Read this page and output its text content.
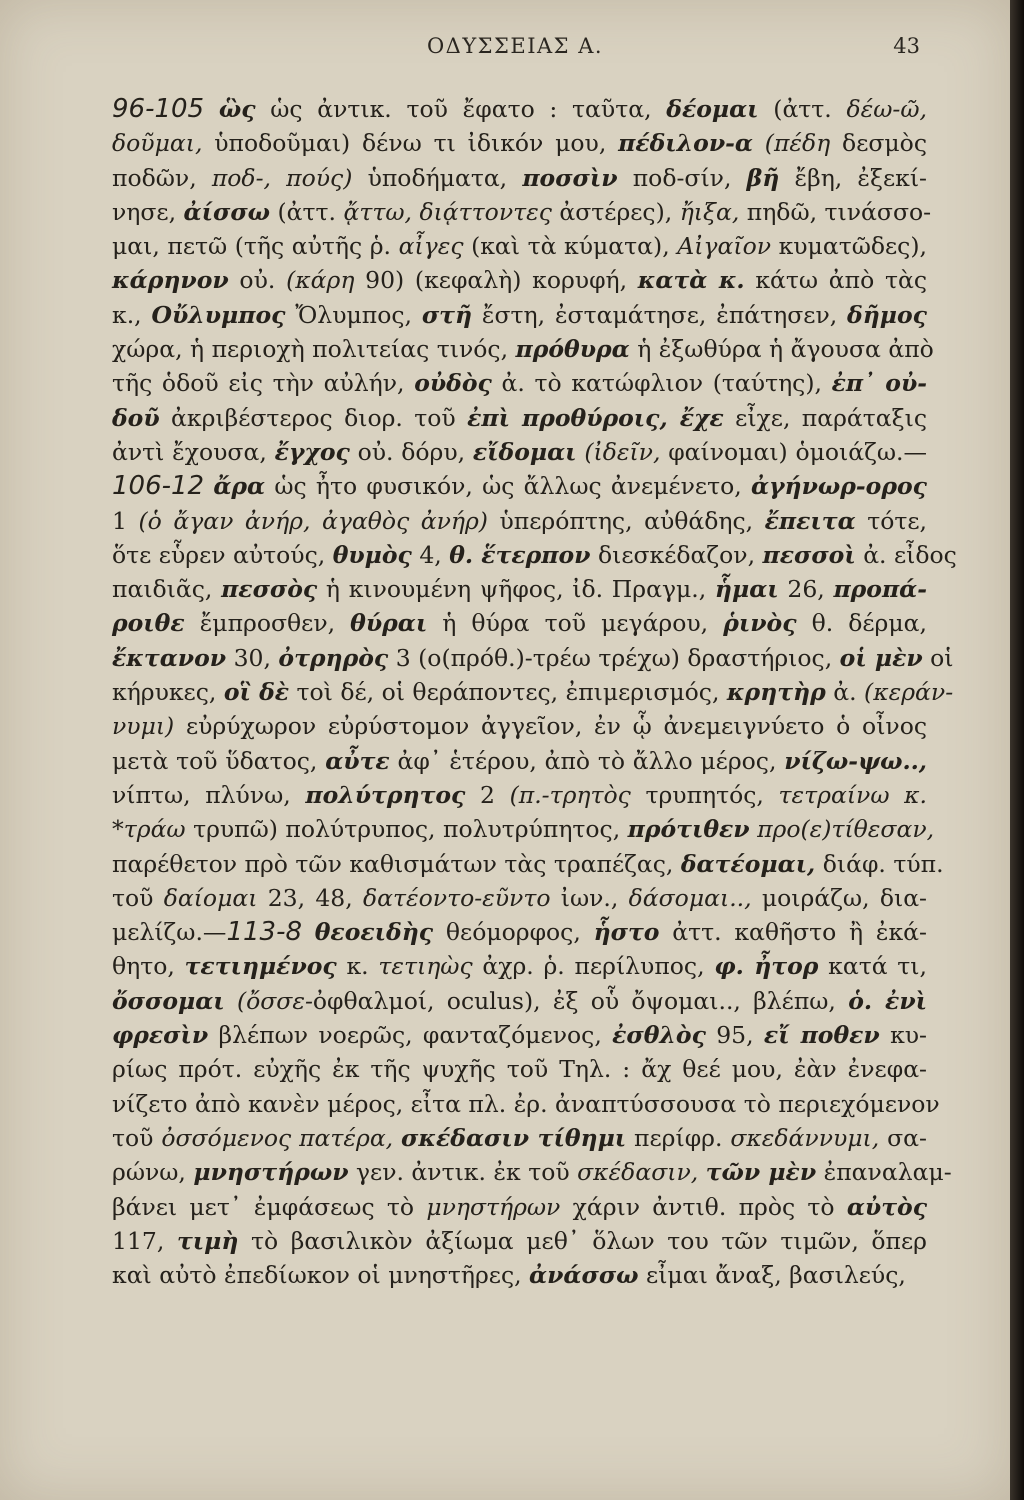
ΟΔΥΣΣΕΙΑΣ Α.	43
96-105 ὣς ὡς ἀντικ. τοῦ ἔφατο : ταῦτα, δέομαι (ἀττ. δέω-ῶ,
δοῦμαι, ὑποδοῦμαι) δένω τι ἰδικόν μου, πέδιλον-α (πέδη δεσμὸς
ποδῶν, ποδ-, πούς) ὑποδήματα, ποσσὶν ποδ-σίν, βῆ ἔβη, ἐξεκί-
νησε, ἀίσσω (ἀττ. ᾄττω, διᾴττοντες ἀστέρες), ἤιξα, πηδῶ, τινάσσο-
μαι, πετῶ (τῆς αὐτῆς ῥ. αἶγες (καὶ τὰ κύματα), Αἰγαῖον κυματῶδες),
κάρηνον οὐ. (κάρη 90) (κεφαλὴ) κορυφή, κατὰ κ. κάτω ἀπὸ τὰς
κ., Οὔλυμπος Ὄλυμπος, στῆ ἔστη, ἐσταμάτησε, ἐπάτησεν, δῆμος
χώρα, ἡ περιοχὴ πολιτείας τινός, πρόθυρα ἡ ἐξωθύρα ἡ ἄγουσα ἀπὸ
τῆς ὁδοῦ εἰς τὴν αὐλήν, οὐδὸς ἀ. τὸ κατώφλιον (ταύτης), ἐπ᾿ οὐ-
δοῦ ἀκριβέστερος διορ. τοῦ ἐπὶ προθύροις, ἔχε εἶχε, παράταξις
ἀντὶ ἔχουσα, ἔγχος οὐ. δόρυ, εἴδομαι (ἰδεῖν, φαίνομαι) ὁμοιάζω.—
106-12 ἄρα ὡς ἦτο φυσικόν, ὡς ἄλλως ἀνεμένετο, ἀγήνωρ-ορος
1 (ὁ ἄγαν ἀνήρ, ἀγαθὸς ἀνήρ) ὑπερόπτης, αὐθάδης, ἔπειτα τότε,
ὅτε εὗρεν αὐτούς, θυμὸς 4, θ. ἕτερπον διεσκέδαζον, πεσσοὶ ἀ. εἶδος
παιδιᾶς, πεσσὸς ἡ κινουμένη ψῆφος, ἰδ. Πραγμ., ἧμαι 26, προπά-
ροιθε ἔμπροσθεν, θύραι ἡ θύρα τοῦ μεγάρου, ῥινὸς θ. δέρμα,
ἔκτανον 30, ὀτρηρὸς 3 (ο(πρόθ.)-τρέω τρέχω) δραστήριος, οἱ μὲν οἱ
κήρυκες, οἳ δὲ τοὶ δέ, οἱ θεράποντες, ἐπιμερισμός, κρητὴρ ἀ. (κεράν-
νυμι) εὐρύχωρον εὐρύστομον ἀγγεῖον, ἐν ᾧ ἀνεμειγνύετο ὁ οἶνος
μετὰ τοῦ ὕδατος, αὖτε ἀφ᾿ ἑτέρου, ἀπὸ τὸ ἄλλο μέρος, νίζω-ψω..,
νίπτω, πλύνω, πολύτρητος 2 (π.-τρητὸς τρυπητός, τετραίνω κ.
*τράω τρυπῶ) πολύτρυπος, πολυτρύπητος, πρότιθεν προ(ε)τίθεσαν,
παρέθετον πρὸ τῶν καθισμάτων τὰς τραπέζας, δατέομαι, διάφ. τύπ.
τοῦ δαίομαι 23, 48, δατέοντο-εῦντο ἰων., δάσομαι.., μοιράζω, δια-
μελίζω.—113-8 θεοειδὴς θεόμορφος, ἧστο ἀττ. καθῆστο ἢ ἐκά-
θητο, τετιημένος κ. τετιηὼς ἀχρ. ῥ. περίλυπος, φ. ἦτορ κατά τι,
ὄσσομαι (ὄσσε-ὀφθαλμοί, oculus), ἐξ οὗ ὄψομαι.., βλέπω, ὁ. ἐνὶ
φρεσὶν βλέπων νοερῶς, φανταζόμενος, ἐσθλὸς 95, εἴ ποθεν κυ-
ρίως πρότ. εὐχῆς ἐκ τῆς ψυχῆς τοῦ Τηλ. : ἄχ θεέ μου, ἐὰν ἐνεφα-
νίζετο ἀπὸ κανὲν μέρος, εἶτα πλ. ἐρ. ἀναπτύσσουσα τὸ περιεχόμενον
τοῦ ὀσσόμενος πατέρα, σκέδασιν τίθημι περίφρ. σκεδάννυμι, σα-
ρώνω, μνηστήρων γεν. ἀντικ. ἐκ τοῦ σκέδασιν, τῶν μὲν ἐπαναλαμ-
βάνει μετ᾿ ἐμφάσεως τὸ μνηστήρων χάριν ἀντιθ. πρὸς τὸ αὐτὸς
117, τιμὴ τὸ βασιλικὸν ἀξίωμα μεθ᾿ ὅλων του τῶν τιμῶν, ὅπερ
καὶ αὐτὸ ἐπεδίωκον οἱ μνηστῆρες, ἀνάσσω εἶμαι ἄναξ, βασιλεύς,
